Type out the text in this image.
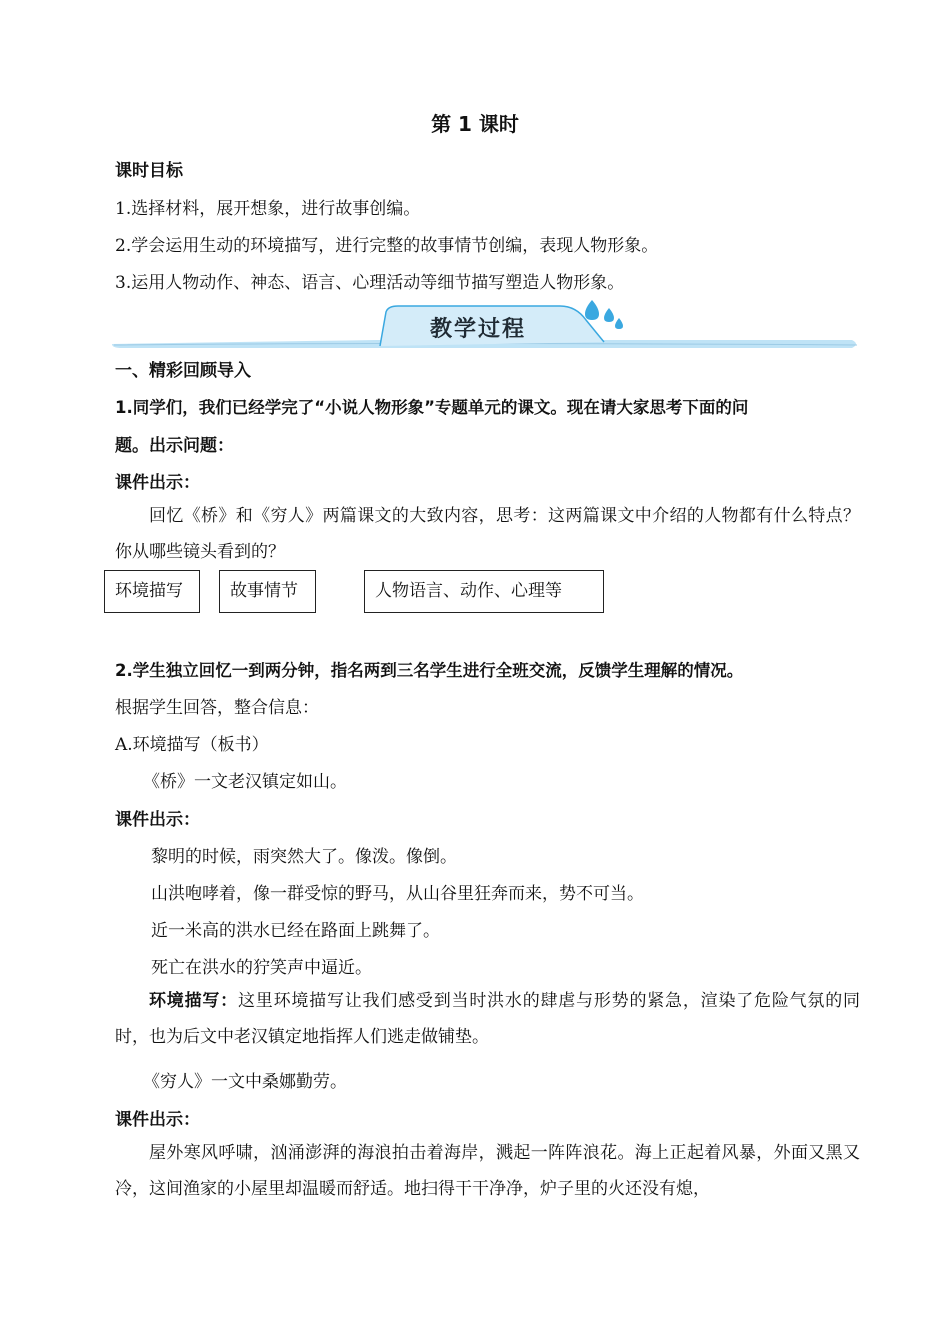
第 1 课时
课时目标
1.选择材料，展开想象，进行故事创编。
2.学会运用生动的环境描写，进行完整的故事情节创编，表现人物形象。
3.运用人物动作、神态、语言、心理活动等细节描写塑造人物形象。
教学过程
一、精彩回顾导入
1.同学们，我们已经学完了“小说人物形象”专题单元的课文。现在请大家思考下面的问
题。出示问题：
课件出示：
回忆《桥》和《穷人》两篇课文的大致内容，思考：这两篇课文中介绍的人物都有什么特点？你从哪些镜头看到的？
环境描写	故事情节	人物语言、动作、心理等
2.学生独立回忆一到两分钟，指名两到三名学生进行全班交流，反馈学生理解的情况。
根据学生回答，整合信息：
A.环境描写（板书）
《桥》一文老汉镇定如山。
课件出示：
黎明的时候，雨突然大了。像泼。像倒。
山洪咆哮着，像一群受惊的野马，从山谷里狂奔而来，势不可当。
近一米高的洪水已经在路面上跳舞了。
死亡在洪水的狞笑声中逼近。
环境描写：这里环境描写让我们感受到当时洪水的肆虐与形势的紧急，渲染了危险气氛的同时，也为后文中老汉镇定地指挥人们逃走做铺垫。
《穷人》一文中桑娜勤劳。
课件出示：
屋外寒风呼啸，汹涌澎湃的海浪拍击着海岸，溅起一阵阵浪花。海上正起着风暴，外面又黑又冷，这间渔家的小屋里却温暖而舒适。地扫得干干净净，炉子里的火还没有熄，
